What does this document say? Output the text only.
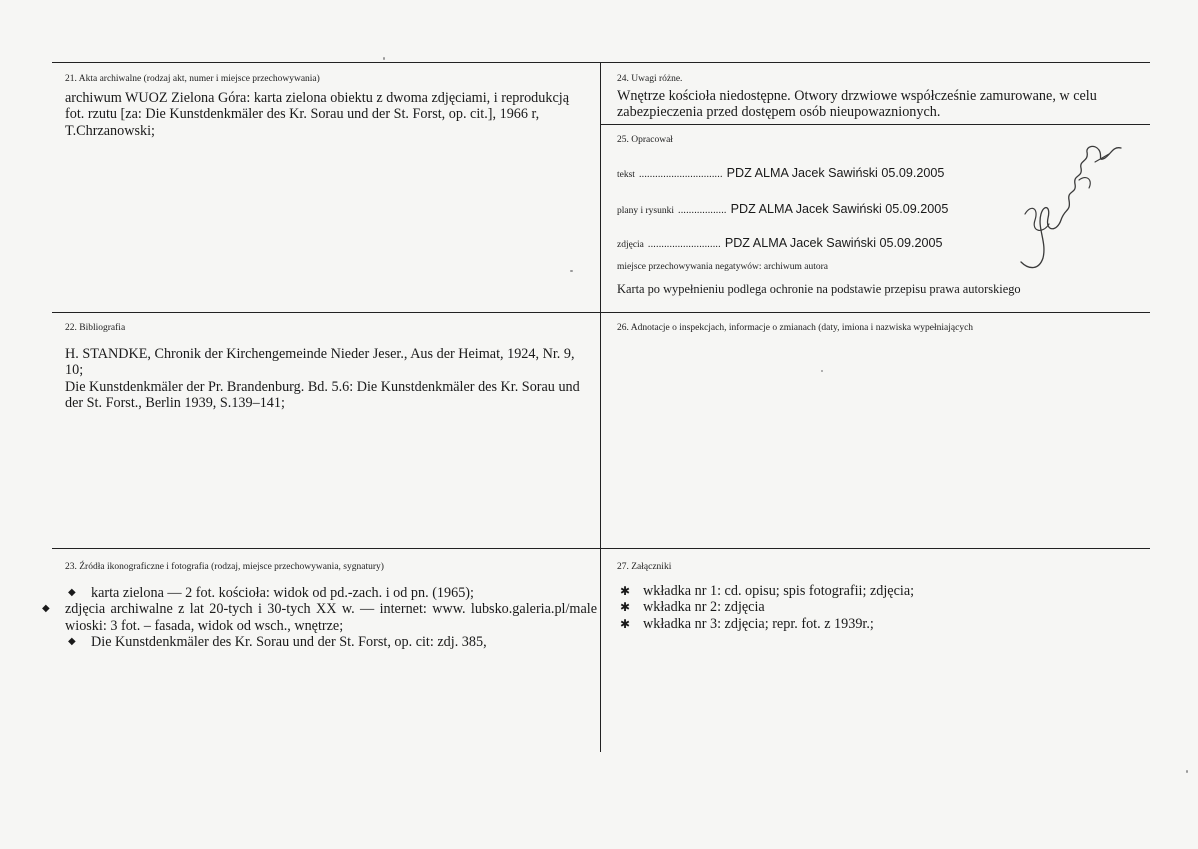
21. Akta archiwalne (rodzaj akt, numer i miejsce przechowywania)

archiwum WUOZ Zielona Góra: karta zielona obiektu z dwoma zdjęciami, i reprodukcją fot. rzutu [za: Die Kunstdenkmäler des Kr. Sorau und der St. Forst, op. cit.], 1966 r, T.Chrzanowski;

24. Uwagi różne.

Wnętrze kościoła niedostępne. Otwory drzwiowe współcześnie zamurowane, w celu zabezpieczenia przed dostępem osób nieupowaznionych.

25. Opracował
tekst ............................... PDZ ALMA Jacek Sawiński 05.09.2005
plany i rysunki .................. PDZ ALMA Jacek Sawiński 05.09.2005
zdjęcia ........................... PDZ ALMA Jacek Sawiński 05.09.2005
miejsce przechowywania negatywów: archiwum autora
Karta po wypełnieniu podlega ochronie na podstawie przepisu prawa autorskiego
22. Bibliografia

H. STANDKE, Chronik der Kirchengemeinde Nieder Jeser., Aus der Heimat, 1924, Nr. 9, 10;

Die Kunstdenkmäler der Pr. Brandenburg. Bd. 5.6: Die Kunstdenkmäler des Kr. Sorau und der St. Forst., Berlin 1939, S.139–141;

26. Adnotacje o inspekcjach, informacje o zmianach (daty, imiona i nazwiska wypełniających
23. Źródła ikonograficzne i fotografia (rodzaj, miejsce przechowywania, sygnatury)
◆ karta zielona — 2 fot. kościoła: widok od pd.-zach. i od pn. (1965);
◆ zdjęcia archiwalne z lat 20-tych i 30-tych XX w. — internet: www. lubsko.galeria.pl/male wioski: 3 fot. – fasada, widok od wsch., wnętrze;
◆ Die Kunstdenkmäler des Kr. Sorau und der St. Forst, op. cit: zdj. 385,
27. Załączniki
✱ wkładka nr 1: cd. opisu; spis fotografii; zdjęcia;
✱ wkładka nr 2: zdjęcia
✱ wkładka nr 3: zdjęcia; repr. fot. z 1939r.;
